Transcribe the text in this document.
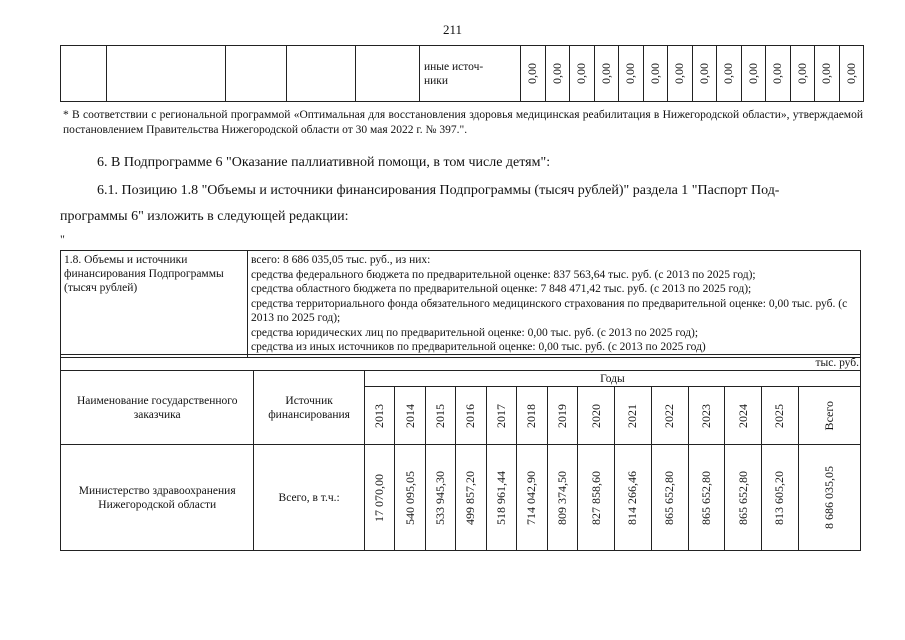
211
					иные источ-
ники	0,00	0,00	0,00	0,00	0,00	0,00	0,00	0,00	0,00	0,00	0,00	0,00	0,00	0,00
* В соответствии с региональной программой «Оптимальная для восстановления здоровья медицинская реабилитация в Нижегородской области», утверждаемой постановлением Правительства Нижегородской области от 30 мая 2022 г. № 397.".
6. В Подпрограмме 6 "Оказание паллиативной помощи, в том числе детям":
6.1. Позицию 1.8 "Объемы и источники финансирования Подпрограммы (тысяч рублей)" раздела 1 "Паспорт Под-
программы 6" изложить в следующей редакции:
"
1.8. Объемы и источники финансирования Подпрограммы (тысяч рублей)	
всего: 8 686 035,05 тыс. руб., из них:
средства федерального бюджета по предварительной оценке: 837 563,64 тыс. руб. (с 2013 по 2025 год);
средства областного бюджета по предварительной оценке: 7 848 471,42 тыс. руб. (с 2013 по 2025 год);
средства территориального фонда обязательного медицинского страхования по предварительной оценке: 0,00 тыс. руб. (с 2013 по 2025 год);
средства юридических лиц по предварительной оценке: 0,00 тыс. руб. (с 2013 по 2025 год);
средства из иных источников по предварительной оценке: 0,00 тыс. руб. (с 2013 по 2025 год)
тыс. руб.															
Наименование государственного заказчика	Источник финансирования	Годы													

		2013	2014	2015	2016	2017	2018	2019	2020	2021	2022	2023	2024	2025	Всего

Министерство здравоохранения Нижегородской области	Всего, в т.ч.:	17 070,00	540 095,05	533 945,30	499 857,20	518 961,44	714 042,90	809 374,50	827 858,60	814 266,46	865 652,80	865 652,80	865 652,80	813 605,20	8 686 035,05
